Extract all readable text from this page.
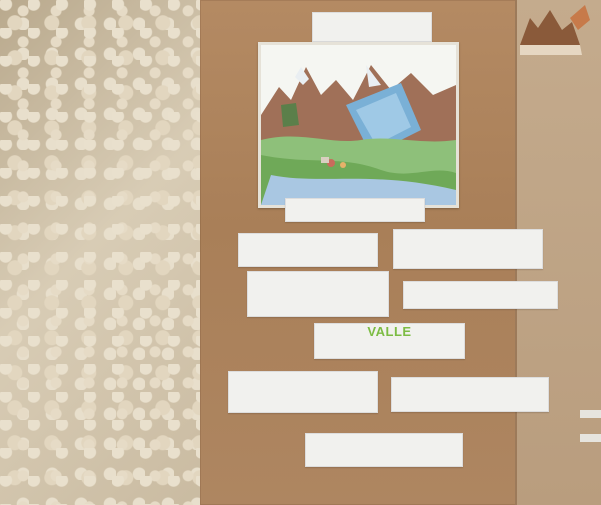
VALLE
